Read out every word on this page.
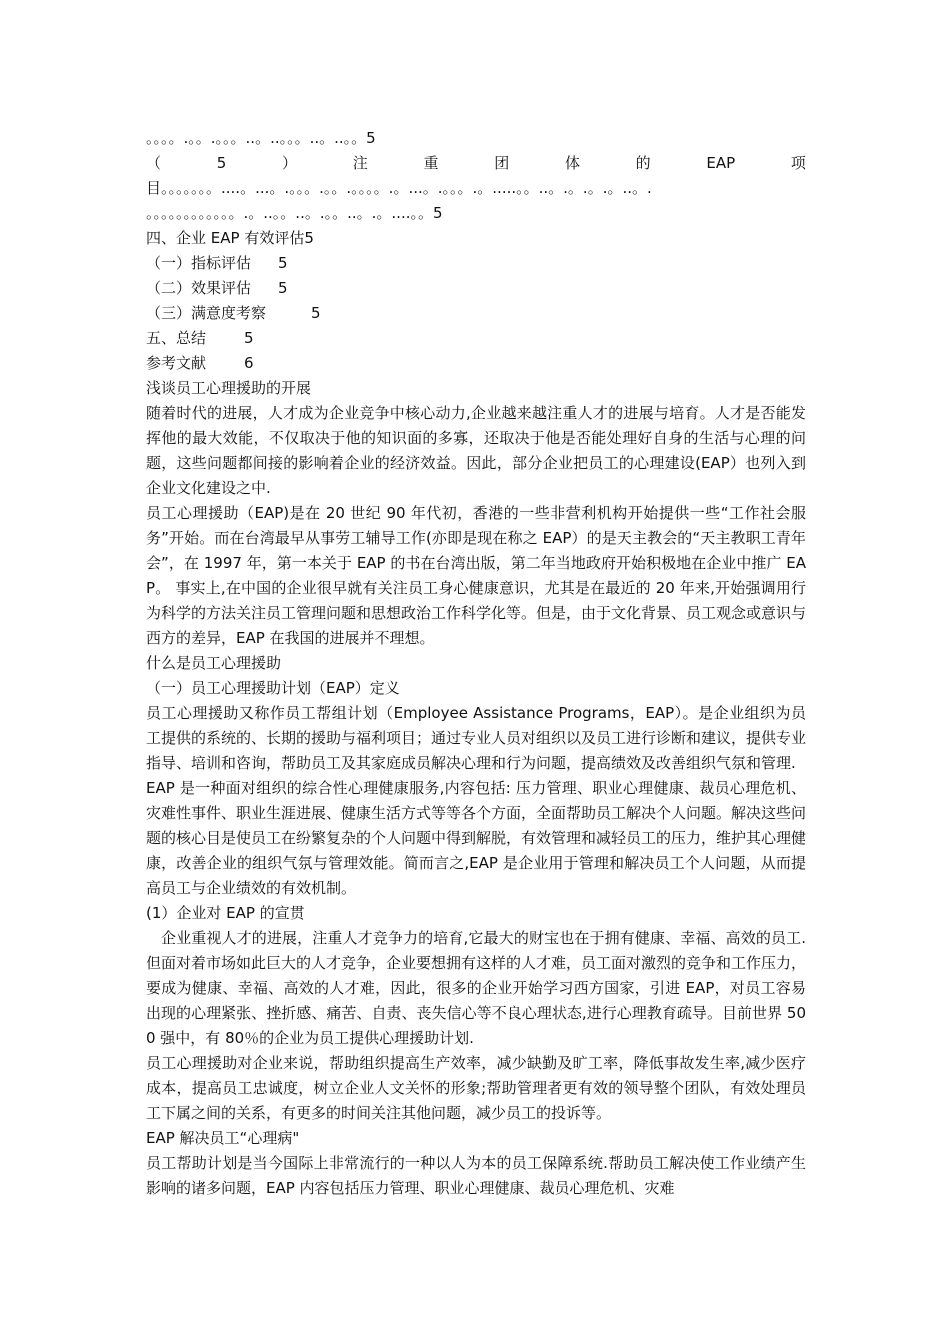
。。。。.。。.。。。..。..。。。..。..。。5
（	5	）	注	重	团	体	的	EAP	项
目。。。。。。。....。...。.。。。.。。.。。。。.。...。.。。。.。.....。。..。.。.。.。..。.
。。。。。。。。。。。。.。..。。..。.。。..。.。....。。5
四、企业 EAP 有效评估5
（一）指标评估 5
（二）效果评估 5
（三）满意度考察	5
五、总结	5
参考文献	6
浅谈员工心理援助的开展
随着时代的进展，人才成为企业竞争中核心动力,企业越来越注重人才的进展与培育。人才是否能发挥他的最大效能，不仅取决于他的知识面的多寡，还取决于他是否能处理好自身的生活与心理的问题，这些问题都间接的影响着企业的经济效益。因此，部分企业把员工的心理建设(EAP）也列入到企业文化建设之中.
员工心理援助（EAP)是在 20 世纪 90 年代初，香港的一些非营利机构开始提供一些“工作社会服务”开始。而在台湾最早从事劳工辅导工作(亦即是现在称之 EAP）的是天主教会的“天主教职工青年会”，在 1997 年，第一本关于 EAP 的书在台湾出版，第二年当地政府开始积极地在企业中推广 EAP。 事实上,在中国的企业很早就有关注员工身心健康意识，尤其是在最近的 20 年来,开始强调用行为科学的方法关注员工管理问题和思想政治工作科学化等。但是，由于文化背景、员工观念或意识与西方的差异，EAP 在我国的进展并不理想。
什么是员工心理援助
（一）员工心理援助计划（EAP）定义
员工心理援助又称作员工帮组计划（Employee Assistance Programs，EAP）。是企业组织为员工提供的系统的、长期的援助与福利项目；通过专业人员对组织以及员工进行诊断和建议，提供专业指导、培训和咨询，帮助员工及其家庭成员解决心理和行为问题，提高绩效及改善组织气氛和管理.
EAP 是一种面对组织的综合性心理健康服务,内容包括: 压力管理、职业心理健康、裁员心理危机、灾难性事件、职业生涯进展、健康生活方式等等各个方面，全面帮助员工解决个人问题。解决这些问题的核心目是使员工在纷繁复杂的个人问题中得到解脱，有效管理和减轻员工的压力，维护其心理健康，改善企业的组织气氛与管理效能。简而言之,EAP 是企业用于管理和解决员工个人问题，从而提高员工与企业绩效的有效机制。
(1）企业对 EAP 的宣贯
企业重视人才的进展，注重人才竞争力的培育,它最大的财宝也在于拥有健康、幸福、高效的员工.但面对着市场如此巨大的人才竞争，企业要想拥有这样的人才难，员工面对激烈的竞争和工作压力，要成为健康、幸福、高效的人才难，因此，很多的企业开始学习西方国家，引进 EAP，对员工容易出现的心理紧张、挫折感、痛苦、自责、丧失信心等不良心理状态,进行心理教育疏导。目前世界 500 强中，有 80％的企业为员工提供心理援助计划.
员工心理援助对企业来说，帮助组织提高生产效率，减少缺勤及旷工率，降低事故发生率,减少医疗成本，提高员工忠诚度，树立企业人文关怀的形象;帮助管理者更有效的领导整个团队，有效处理员工下属之间的关系，有更多的时间关注其他问题，减少员工的投诉等。
EAP 解决员工“心理病"
员工帮助计划是当今国际上非常流行的一种以人为本的员工保障系统.帮助员工解决使工作业绩产生影响的诸多问题，EAP 内容包括压力管理、职业心理健康、裁员心理危机、灾难
